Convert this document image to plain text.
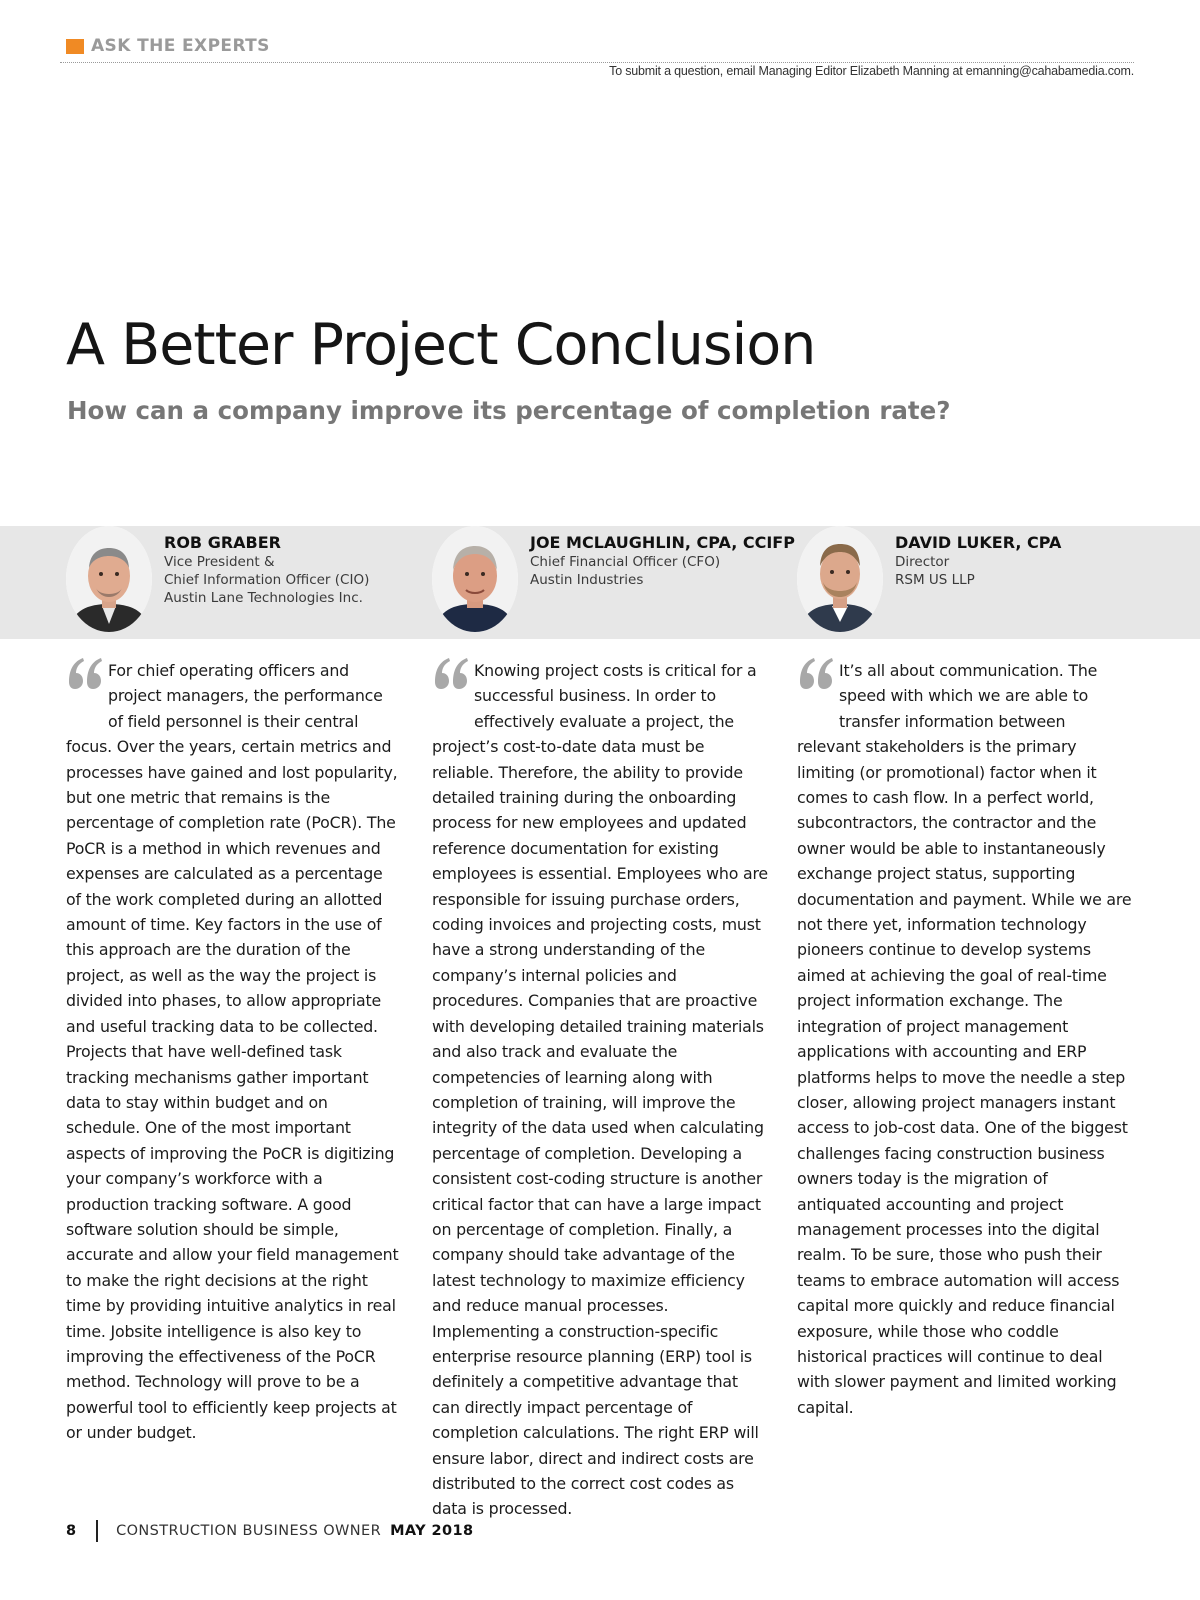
ASK THE EXPERTS
To submit a question, email Managing Editor Elizabeth Manning at emanning@cahabamedia.com.
A Better Project Conclusion
How can a company improve its percentage of completion rate?
ROB GRABER
Vice President &
Chief Information Officer (CIO)
Austin Lane Technologies Inc.
JOE MCLAUGHLIN, CPA, CCIFP
Chief Financial Officer (CFO)
Austin Industries
DAVID LUKER, CPA
Director
RSM US LLP
For chief operating officers and project managers, the performance of field personnel is their central focus. Over the years, certain metrics and processes have gained and lost popularity, but one metric that remains is the percentage of completion rate (PoCR). The PoCR is a method in which revenues and expenses are calculated as a percentage of the work completed during an allotted amount of time. Key factors in the use of this approach are the duration of the project, as well as the way the project is divided into phases, to allow appropriate and useful tracking data to be collected. Projects that have well-defined task tracking mechanisms gather important data to stay within budget and on schedule. One of the most important aspects of improving the PoCR is digitizing your company’s workforce with a production tracking software. A good software solution should be simple, accurate and allow your field management to make the right decisions at the right time by providing intuitive analytics in real time. Jobsite intelligence is also key to improving the effectiveness of the PoCR method. Technology will prove to be a powerful tool to efficiently keep projects at or under budget.
Knowing project costs is critical for a successful business. In order to effectively evaluate a project, the project’s cost-to-date data must be reliable. Therefore, the ability to provide detailed training during the onboarding process for new employees and updated reference documentation for existing employees is essential. Employees who are responsible for issuing purchase orders, coding invoices and projecting costs, must have a strong understanding of the company’s internal policies and procedures. Companies that are proactive with developing detailed training materials and also track and evaluate the competencies of learning along with completion of training, will improve the integrity of the data used when calculating percentage of completion. Developing a consistent cost-coding structure is another critical factor that can have a large impact on percentage of completion. Finally, a company should take advantage of the latest technology to maximize efficiency and reduce manual processes. Implementing a construction-specific enterprise resource planning (ERP) tool is definitely a competitive advantage that can directly impact percentage of completion calculations. The right ERP will ensure labor, direct and indirect costs are distributed to the correct cost codes as data is processed.
It’s all about communication. The speed with which we are able to transfer information between relevant stakeholders is the primary limiting (or promotional) factor when it comes to cash flow. In a perfect world, subcontractors, the contractor and the owner would be able to instantaneously exchange project status, supporting documentation and payment. While we are not there yet, information technology pioneers continue to develop systems aimed at achieving the goal of real-time project information exchange. The integration of project management applications with accounting and ERP platforms helps to move the needle a step closer, allowing project managers instant access to job-cost data. One of the biggest challenges facing construction business owners today is the migration of antiquated accounting and project management processes into the digital realm. To be sure, those who push their teams to embrace automation will access capital more quickly and reduce financial exposure, while those who coddle historical practices will continue to deal with slower payment and limited working capital.
8	CONSTRUCTION BUSINESS OWNER MAY 2018
